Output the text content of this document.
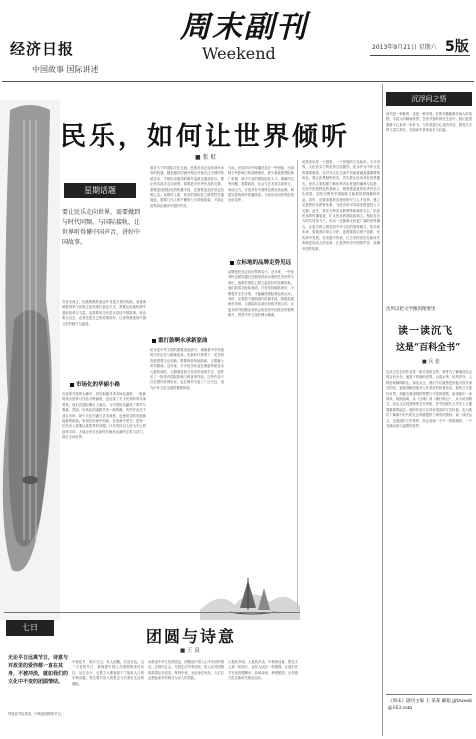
经济日报
中国故事 国际讲述
周末副刊
Weekend	2013年9月21日 星期六 5版
民乐，如何让世界倾听
■ 张 虹
星期话题
要让民乐走向世界，需要做到与时代同频，与国际接轨，让世界听得懂中国声音，讲好中国故事。
对音乐而言，民族情感的表达并非是古老的传统，而是承载着国家与民族文化的现代表达方式，需要从民族传统中汲取营养与力量，也需要用当代语言讲述中国故事。民乐要走出去，必须先把自己的故事讲好，让世界感受到中国文化的魅力与温度。
市场化的华丽小路
在改革开放的大潮中，民乐积极寻求市场化道路，一批新的演出团体与作品不断涌现，也出现了不少优秀的青年演奏家。他们在国际舞台上演出，为中国民乐赢得了掌声与尊重。然而，市场化的道路并非一帆风顺，有些作品过于迎合市场，缺少文化内涵与艺术深度，也使民乐的发展面临新的挑战。如何在传承中创新，在创新中坚守，是每一位民乐人需要认真思考的问题。只有坚持以人民为中心的创作导向，才能让民乐在新时代焕发出新的生机与活力，真正走向世界。
面对当下的国际文化交流，民族音乐正迎来前所未有的机遇。越来越多的海外观众开始关注中国的传统音乐，中国民乐团体的海外巡演也屡获好评。要让民乐真正走向世界，需要更多优秀作品的支撑，需要更加国际化的传播手段，还需要更加开放包容的心态。从整体上看，民乐的国际化之路依然任重道远，需要几代人的不懈努力与持续探索，才能让世界真正倾听中国的声音。
重打鼓啊永承新家曲
民乐是中华文明的重要组成部分，承载着中华民族的历史记忆与精神追求。在新时代背景下，民乐的发展需要守正创新，既要保持传统韵味，又要融入时代精神。近年来，许多民乐作品在保留传统音乐元素的同时，大胆借鉴西方音乐的表现手法，创作出了一批具有国际影响力的优秀作品。这些作品不仅在国内获得好评，也在海外引起了广泛关注，成为中外文化交流的重要桥梁。
当前，民乐的对外传播还存在一些短板，比如缺少有影响力的品牌团体，缺少系统的国际推广机制，缺少专业的国际经纪人才。要解决这些问题，需要政府、社会与艺术家共同努力，形成合力，打造具有中国特色的民乐品牌，构建完善的海外传播体系，为民乐走向世界创造良好条件。
立标地的品牌走势见远
品牌是民乐走向世界的名片。近年来，一些优秀民乐团体通过长期坚持高水准的艺术创作与演出，逐渐在国际上树立起良好的品牌形象。他们的成功经验表明，只有坚持精品意识，不断提升艺术水准，才能赢得国际观众的认可。同时，还要善于借助现代传媒手段，积极拓展海外市场，与国际知名演出机构开展合作，让更多的外国观众有机会欣赏到中国民乐的独特魅力，感受中华文化的博大精深。
七日	团圆与诗意
■ 王 泉
无论平日远离节日，诗意与对故里的爱你都一直在其身，不被冲淡，就如我们的文化中不变的团圆情结。
每逢佳节倍思亲，中秋是团圆的节日。
中秋佳节，明月当空，家人团聚，共赏月色。这一古老的节日，承载着中国人对团圆的美好向往。从古至今，无数文人墨客留下了脍炙人口的中秋诗篇，寄托着对亲人的思念与对美好生活的期盼。
诗意是中华文化的底色，团圆是中国人心中永恒的情结。在现代社会，尽管生活节奏加快，但人们对团圆的渴望从未改变。每到中秋，无论身在何处，人们总会想起家乡的明月与亲人的笑脸。
月是故乡明，人是故乡亲。中秋的诗意，既在天上那一轮明月，也在人间这一份团圆。让我们在节日里放慢脚步，品味诗意，珍惜团圆，让传统文化在新时代焕发光彩。
民族音乐是一个国家、一个民族的文化标识。当今世界，文化软实力的竞争日趋激烈，民乐作为中华文化的重要载体，在对外文化交流中扮演着越来越重要的角色。要让世界倾听民乐，首先要让民乐具有世界眼光。民乐人要积极了解世界音乐发展的潮流与趋势，在坚守民族特色的基础上，吸收借鉴世界优秀音乐文化成果，创作出既有中国韵味又能被世界理解的作品。同时，还要加强民乐理论研究与人才培养，建立完善的民乐教育体系，为民乐的可持续发展提供人才支撑。此外，要充分利用互联网等新媒体平台，拓宽民乐的传播渠道，扩大民乐的国际影响力。相信在各方的共同努力下，民乐一定能够走向更广阔的世界舞台，让更多的人感受到中华文化的独特魅力。民乐的未来，需要我们用心守护，更需要我们勇于创新，在传承中发展，在发展中传承，让古老的民乐在新时代奏响更加动人的乐章，让世界听见中国的声音，读懂中国的故事。
沉浮问之悟
读书是一种修养，也是一种享受。好的书籍能够开阔人的视野，丰富人的精神世界。在快节奏的现代生活中，我们更需要静下心来读一本好书，与作者进行心灵的对话，感受文字的力量与美好，在阅读中获得成长与启迪。
沈所以把文学搬到理要里：
读一读沉飞
这是“百科全书”
■ 兵 张
沈从文先生的作品是一座丰富的宝库，被誉为了解湘西社会的百科全书。他笔下的湘西世界，山清水秀，民风淳朴，人物形象栩栩如生。读沈从文，我们不仅能感受到他对故乡深沉的爱，更能领略到他对人性美好的执着追求。他的文字质朴自然，却蕴含着深刻的思想与丰富的情感，值得我们一读再读，细细品味。从《边城》到《湘行散记》，从小说到散文，沈从文以其独特的艺术风格，在中国现代文学史上占据着重要的地位。他的作品不仅具有很高的文学价值，也为我们了解那个时代的社会风貌提供了珍贵的资料。读一读沈从文，走进他的文学世界，你会发现一个不一样的湘西，一个充满诗意与温情的世界。
《周末》副刊主编 王 某某 邮箱 jjrbweek@163.com
